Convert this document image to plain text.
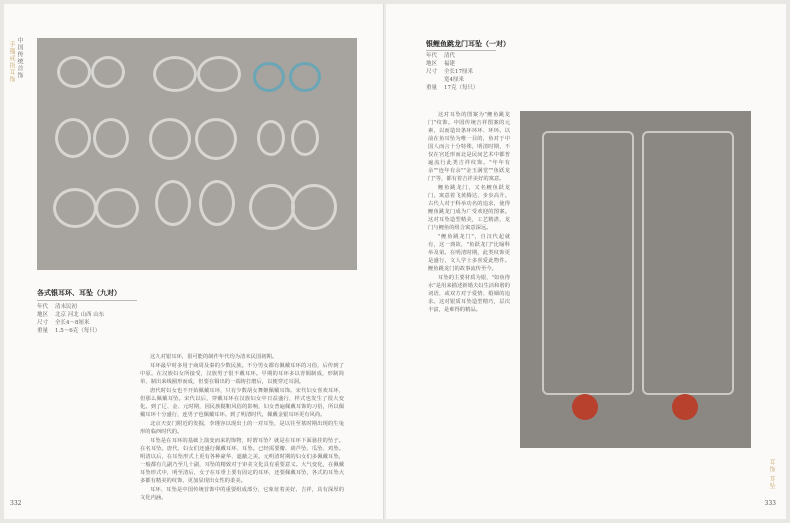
中国传统首饰
手镯戒指耳饰
各式银耳环、耳坠（九对）
年代 清末民初
地区 北京 河北 山西 山东
尺寸 全长4～8厘米
重量 1.5～6克（每只）

这九对银耳环，很可能的制作年代均为清末民国初期。

耳环最早时多用于商周及秦的少数民族。不分男女都有佩戴耳环的习俗，后传到了中原。在汉族妇女所接受，汉族男子很不戴耳环。早期的耳环多以青铜制成，形制简单，制出来线圈形而成，但要在铜出的一端铸打磨后，以便穿过耳洞。

唐代时妇女也不开始佩戴耳环，只有少数胡女舞姬佩戴耳饰。宋代妇女喜欢耳环，但那么佩戴耳坠。宋代以后，穿戴耳环在汉族妇女中日益盛行，样式也发生了很大变化。到了辽、金、元时期，因民族鞑靼风俗的影响，妇女普遍佩戴耳饰的习俗，所以佩戴耳环十分盛行，连男子也佩戴耳环。到了明清时代，佩戴金银耳环更有风尚。

北京天安门附近的发掘，李瑾容以现出土的一对耳坠，是以往至墓时期出现的生兔形的临西时代的。

耳坠是在耳环的基础上演变而来的饰物，时谓耳坠？就是在耳环下面悬挂的坠子。在名耳坠。唐代，妇女们还盛行佩戴耳环、耳坠。已经需要瓣、葫芦坠、瓜坠、鸡坠。明清以后，在耳坠形式上更有各种豪华、遮蔽之美。元明清时期的妇女们多佩戴耳坠，一般都有几副乃至几十副，耳坠的精致对于审美文化具有重要意义。大气变化，在佩戴耳坠形式中，明至清后，女子在耳垂上要有固定的耳环，还要佩戴耳坠，各式的耳坠大多都有精美的纹饰，更加显现出女性的柔美。

耳环、耳坠是中国传统首饰中的重要组成部分，它象征着美好、吉祥，具有深厚的文化内涵。

332
银鲤鱼跳龙门耳坠（一对）
年代 清代
地区 福建
尺寸 全长17厘米
宽4厘米
重量 17克（每只）

这对耳坠的图案为"鲤鱼跳龙门"纹饰。中国传统吉祥图案的元素，以而造出条环环环、环环。以前在鱼耳坠为唯一目的，鱼对于中国人而言十分特殊，明清时期，不仅在宫廷形而北是民间艺术中都普遍流行此类吉祥纹饰。"年年有余""连年有余""金玉满堂""鱼跃龙门"等，都有着吉祥美好的寓意。

鲤鱼跳龙门，又名鲤鱼跃龙门，寓意着飞黄腾达、步步高升。古代人对于科举功名的追求，使得鲤鱼跳龙门成为广受欢迎的图案。这对耳坠造型精美，工艺精湛，龙门与鲤鱼的组合寓意深远。

"鲤鱼跳龙门"，自汉代起就有，这一典故，"鱼跃龙门"比喻科举及第。在明清时期，此类纹饰更是盛行，文人学士多喜爱此物件。鲤鱼跳龙门的故事流传至今。

耳坠的主要材质为银，"如鱼得水"是用来描述新婚夫妇生活和谐的词语，或双方对于爱情、婚姻的追求。这对银质耳坠造型精巧，层次丰富，是难得的精品。

耳饰 耳坠
333
